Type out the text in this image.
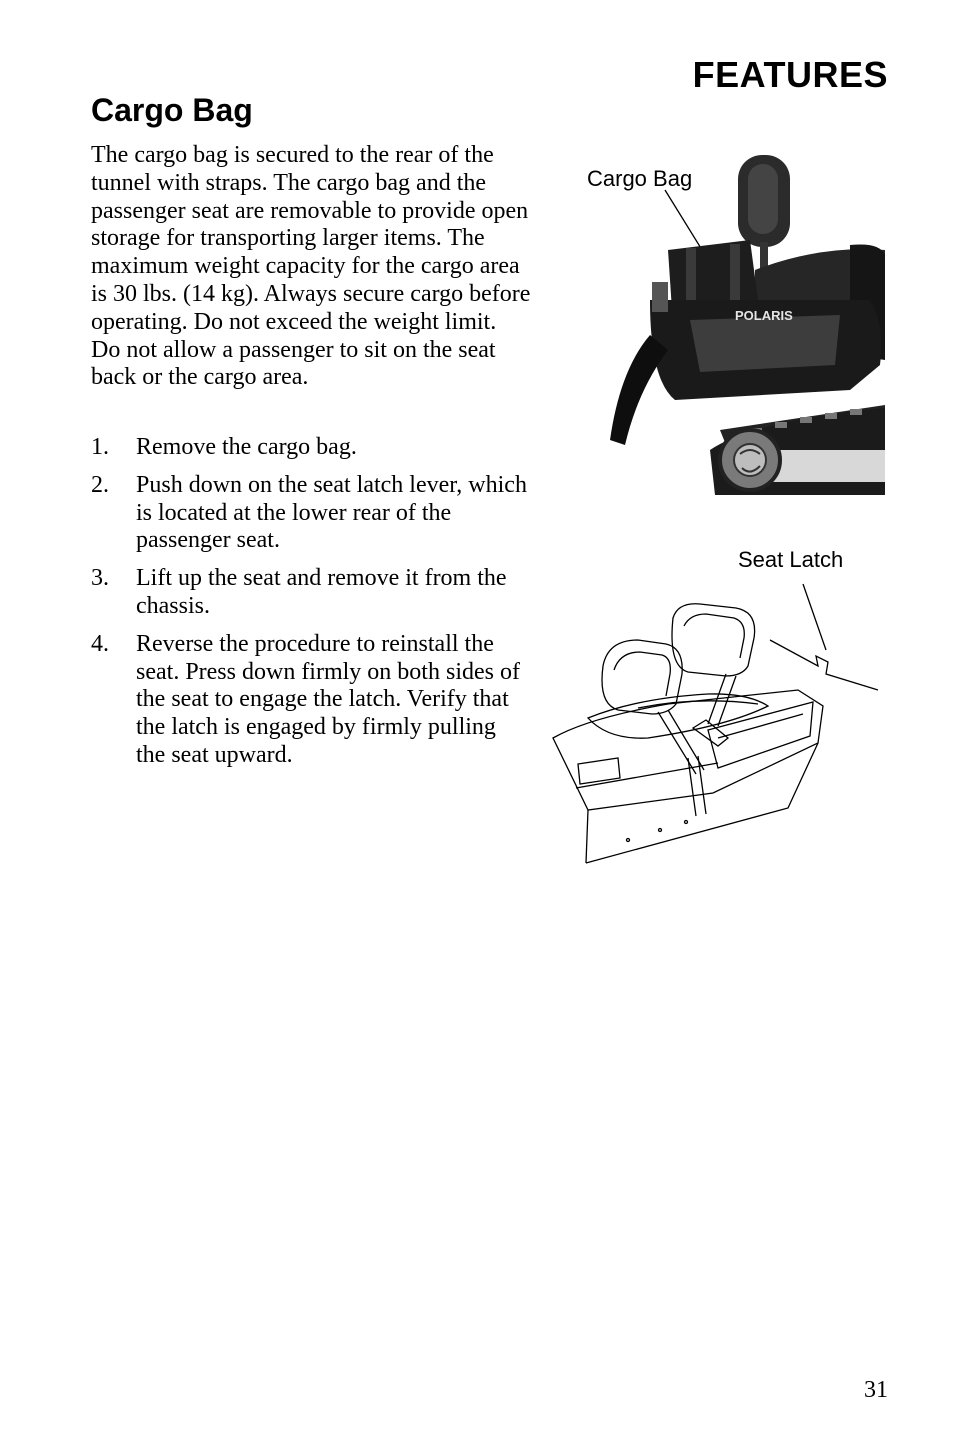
FEATURES
Cargo Bag

The cargo bag is secured to the rear of the tunnel with straps. The cargo bag and the passenger seat are removable to provide open storage for transporting larger items. The maximum weight capacity for the cargo area is 30 lbs. (14 kg). Always secure cargo before operating. Do not exceed the weight limit. Do not allow a passenger to sit on the seat back or the cargo area.

1.	Remove the cargo bag.
2.	Push down on the seat latch lever, which is located at the lower rear of the passenger seat.
3.	Lift up the seat and remove it from the chassis.
4.	Reverse the procedure to reinstall the seat. Press down firmly on both sides of the seat to engage the latch. Verify that the latch is engaged by firmly pulling the seat upward.
Cargo Bag
POLARIS
Seat Latch
31
